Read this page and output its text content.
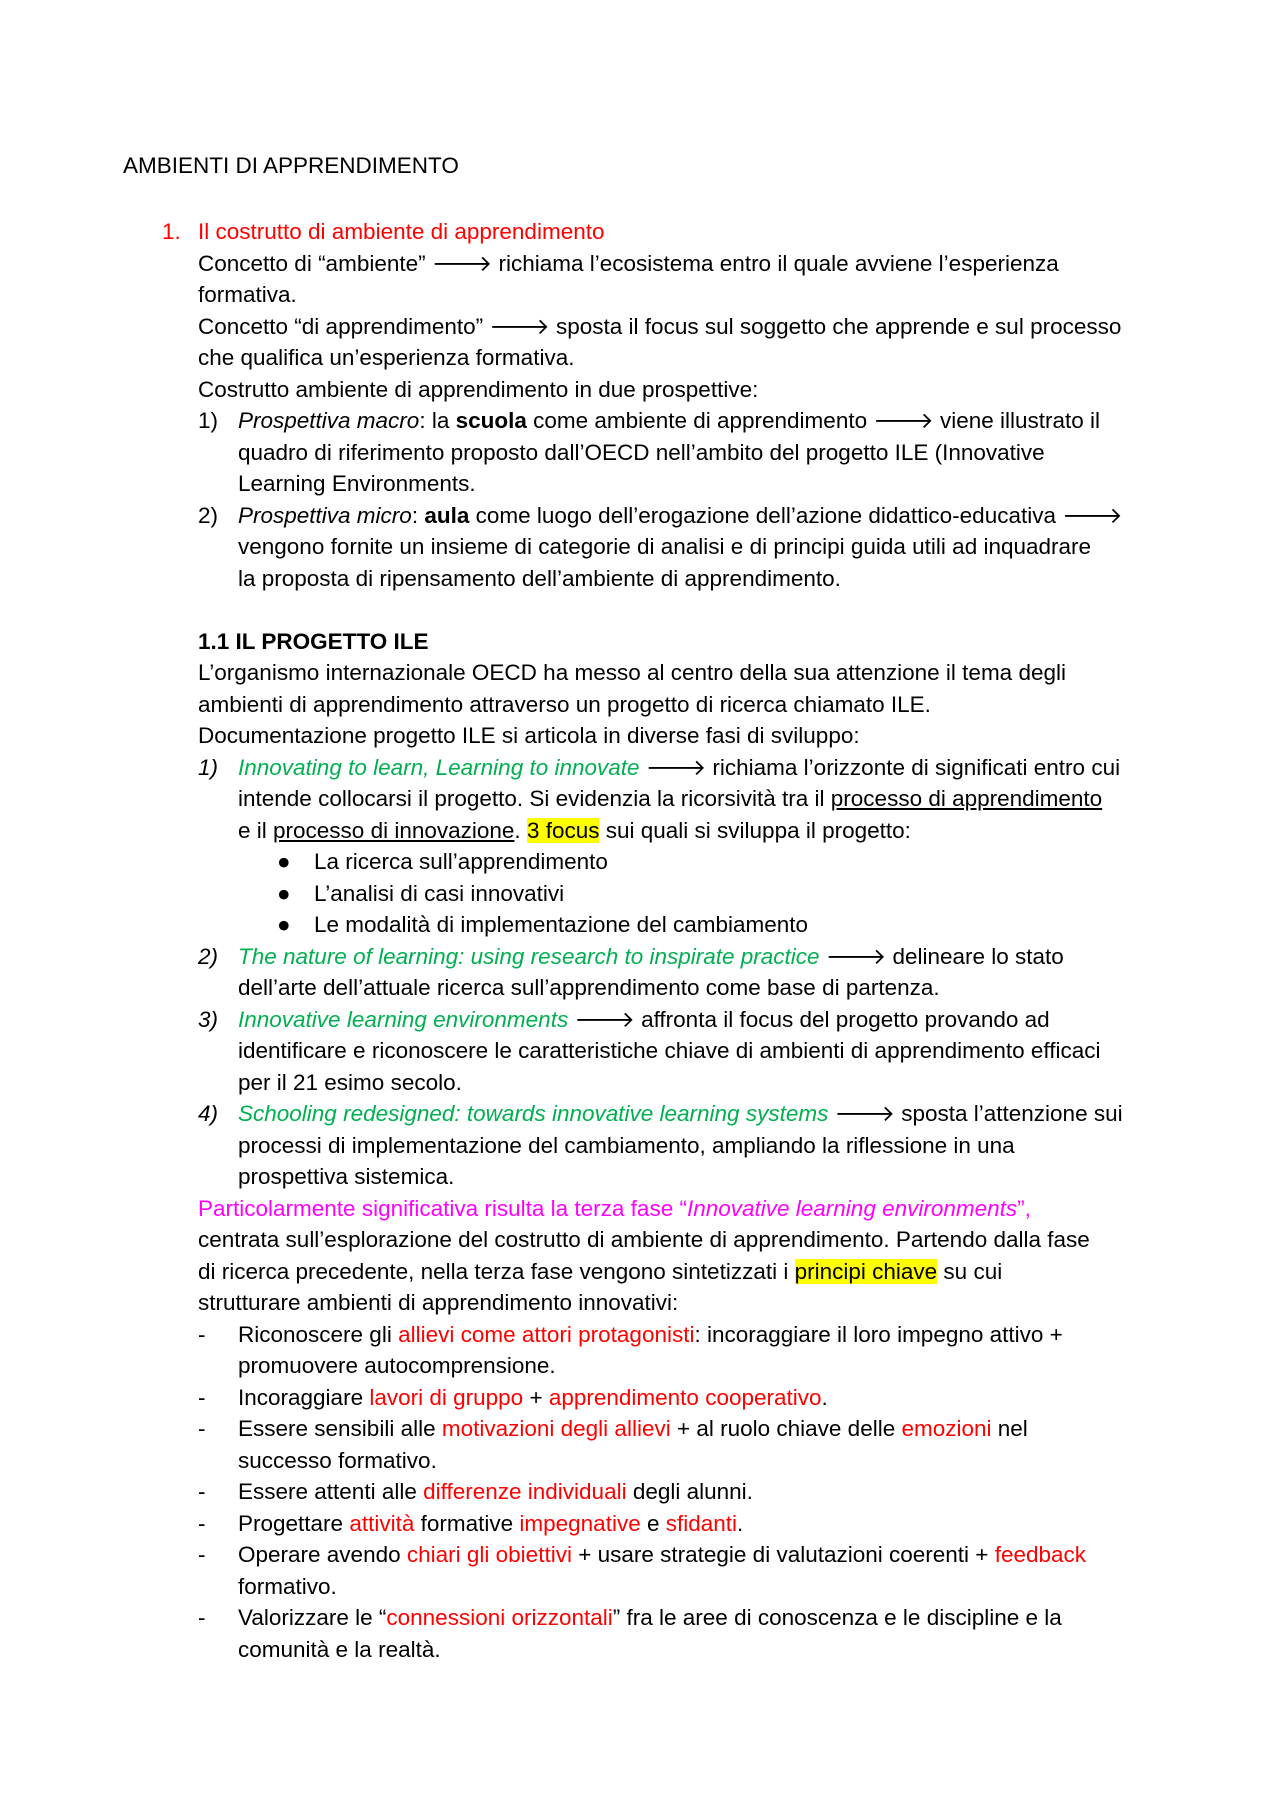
AMBIENTI DI APPRENDIMENTO
1. Il costrutto di ambiente di apprendimento
Concetto di “ambiente” 🡒 richiama l’ecosistema entro il quale avviene l’esperienza
formativa.
Concetto “di apprendimento” 🡒 sposta il focus sul soggetto che apprende e sul processo
che qualifica un’esperienza formativa.
Costrutto ambiente di apprendimento in due prospettive:
1) Prospettiva macro: la scuola come ambiente di apprendimento 🡒 viene illustrato il
quadro di riferimento proposto dall’OECD nell’ambito del progetto ILE (Innovative
Learning Environments.
2) Prospettiva micro: aula come luogo dell’erogazione dell’azione didattico-educativa 🡒
vengono fornite un insieme di categorie di analisi e di principi guida utili ad inquadrare
la proposta di ripensamento dell’ambiente di apprendimento.
1.1 IL PROGETTO ILE
L’organismo internazionale OECD ha messo al centro della sua attenzione il tema degli
ambienti di apprendimento attraverso un progetto di ricerca chiamato ILE.
Documentazione progetto ILE si articola in diverse fasi di sviluppo:
1) Innovating to learn, Learning to innovate 🡒 richiama l’orizzonte di significati entro cui
intende collocarsi il progetto. Si evidenzia la ricorsività tra il processo di apprendimento
e il processo di innovazione. 3 focus sui quali si sviluppa il progetto:
● La ricerca sull’apprendimento
● L’analisi di casi innovativi
● Le modalità di implementazione del cambiamento
2) The nature of learning: using research to inspirate practice 🡒 delineare lo stato
dell’arte dell’attuale ricerca sull’apprendimento come base di partenza.
3) Innovative learning environments 🡒 affronta il focus del progetto provando ad
identificare e riconoscere le caratteristiche chiave di ambienti di apprendimento efficaci
per il 21 esimo secolo.
4) Schooling redesigned: towards innovative learning systems 🡒 sposta l’attenzione sui
processi di implementazione del cambiamento, ampliando la riflessione in una
prospettiva sistemica.
Particolarmente significativa risulta la terza fase “Innovative learning environments”,
centrata sull’esplorazione del costrutto di ambiente di apprendimento. Partendo dalla fase
di ricerca precedente, nella terza fase vengono sintetizzati i principi chiave su cui
strutturare ambienti di apprendimento innovativi:
- Riconoscere gli allievi come attori protagonisti: incoraggiare il loro impegno attivo +
promuovere autocomprensione.
- Incoraggiare lavori di gruppo + apprendimento cooperativo.
- Essere sensibili alle motivazioni degli allievi + al ruolo chiave delle emozioni nel
successo formativo.
- Essere attenti alle differenze individuali degli alunni.
- Progettare attività formative impegnative e sfidanti.
- Operare avendo chiari gli obiettivi + usare strategie di valutazioni coerenti + feedback
formativo.
- Valorizzare le “connessioni orizzontali” fra le aree di conoscenza e le discipline e la
comunità e la realtà.
